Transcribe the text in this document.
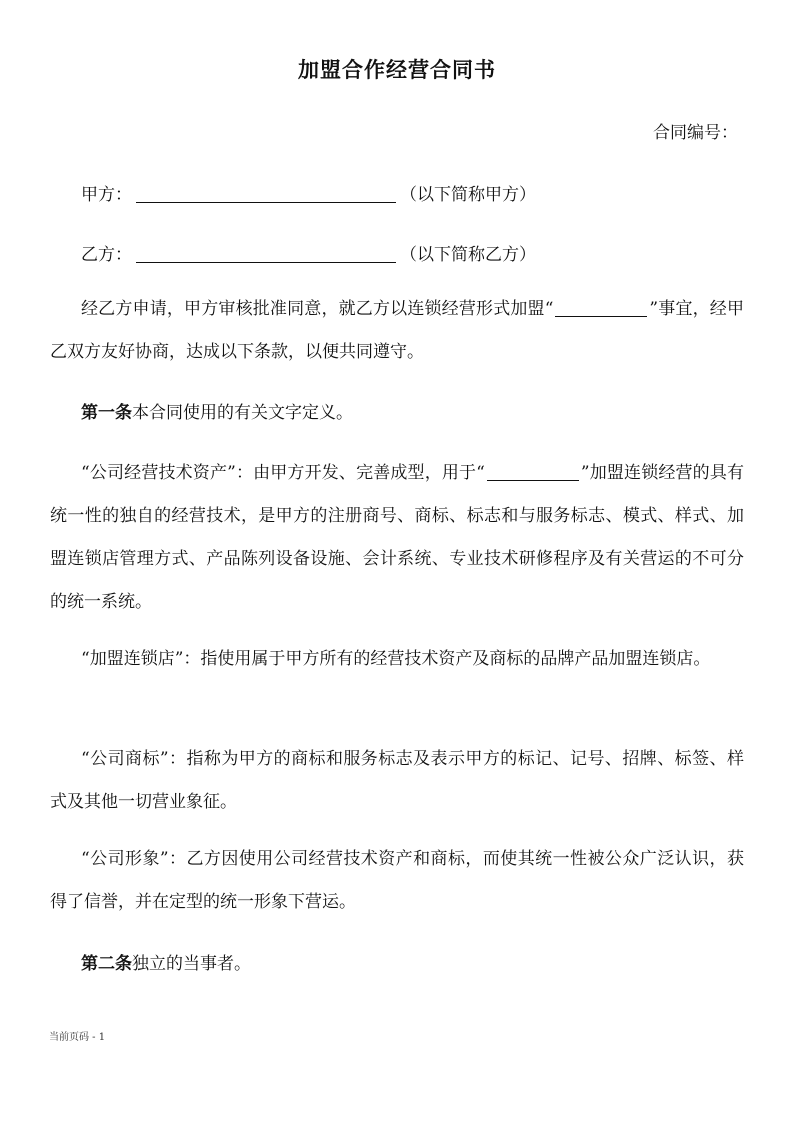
加盟合作经营合同书
合同编号：
甲方：	（以下简称甲方）
乙方：	（以下简称乙方）

经乙方申请，甲方审核批准同意，就乙方以连锁经营形式加盟“	”事宜，经甲乙双方友好协商，达成以下条款，以便共同遵守。

第一条本合同使用的有关文字定义。

“公司经营技术资产”：由甲方开发、完善成型，用于“	”加盟连锁经营的具有统一性的独自的经营技术，是甲方的注册商号、商标、标志和与服务标志、模式、样式、加盟连锁店管理方式、产品陈列设备设施、会计系统、专业技术研修程序及有关营运的不可分的统一系统。

“加盟连锁店”：指使用属于甲方所有的经营技术资产及商标的品牌产品加盟连锁店。

“公司商标”：指称为甲方的商标和服务标志及表示甲方的标记、记号、招牌、标签、样式及其他一切营业象征。

“公司形象”：乙方因使用公司经营技术资产和商标，而使其统一性被公众广泛认识，获得了信誉，并在定型的统一形象下营运。

第二条独立的当事者。

当前页码 - 1
